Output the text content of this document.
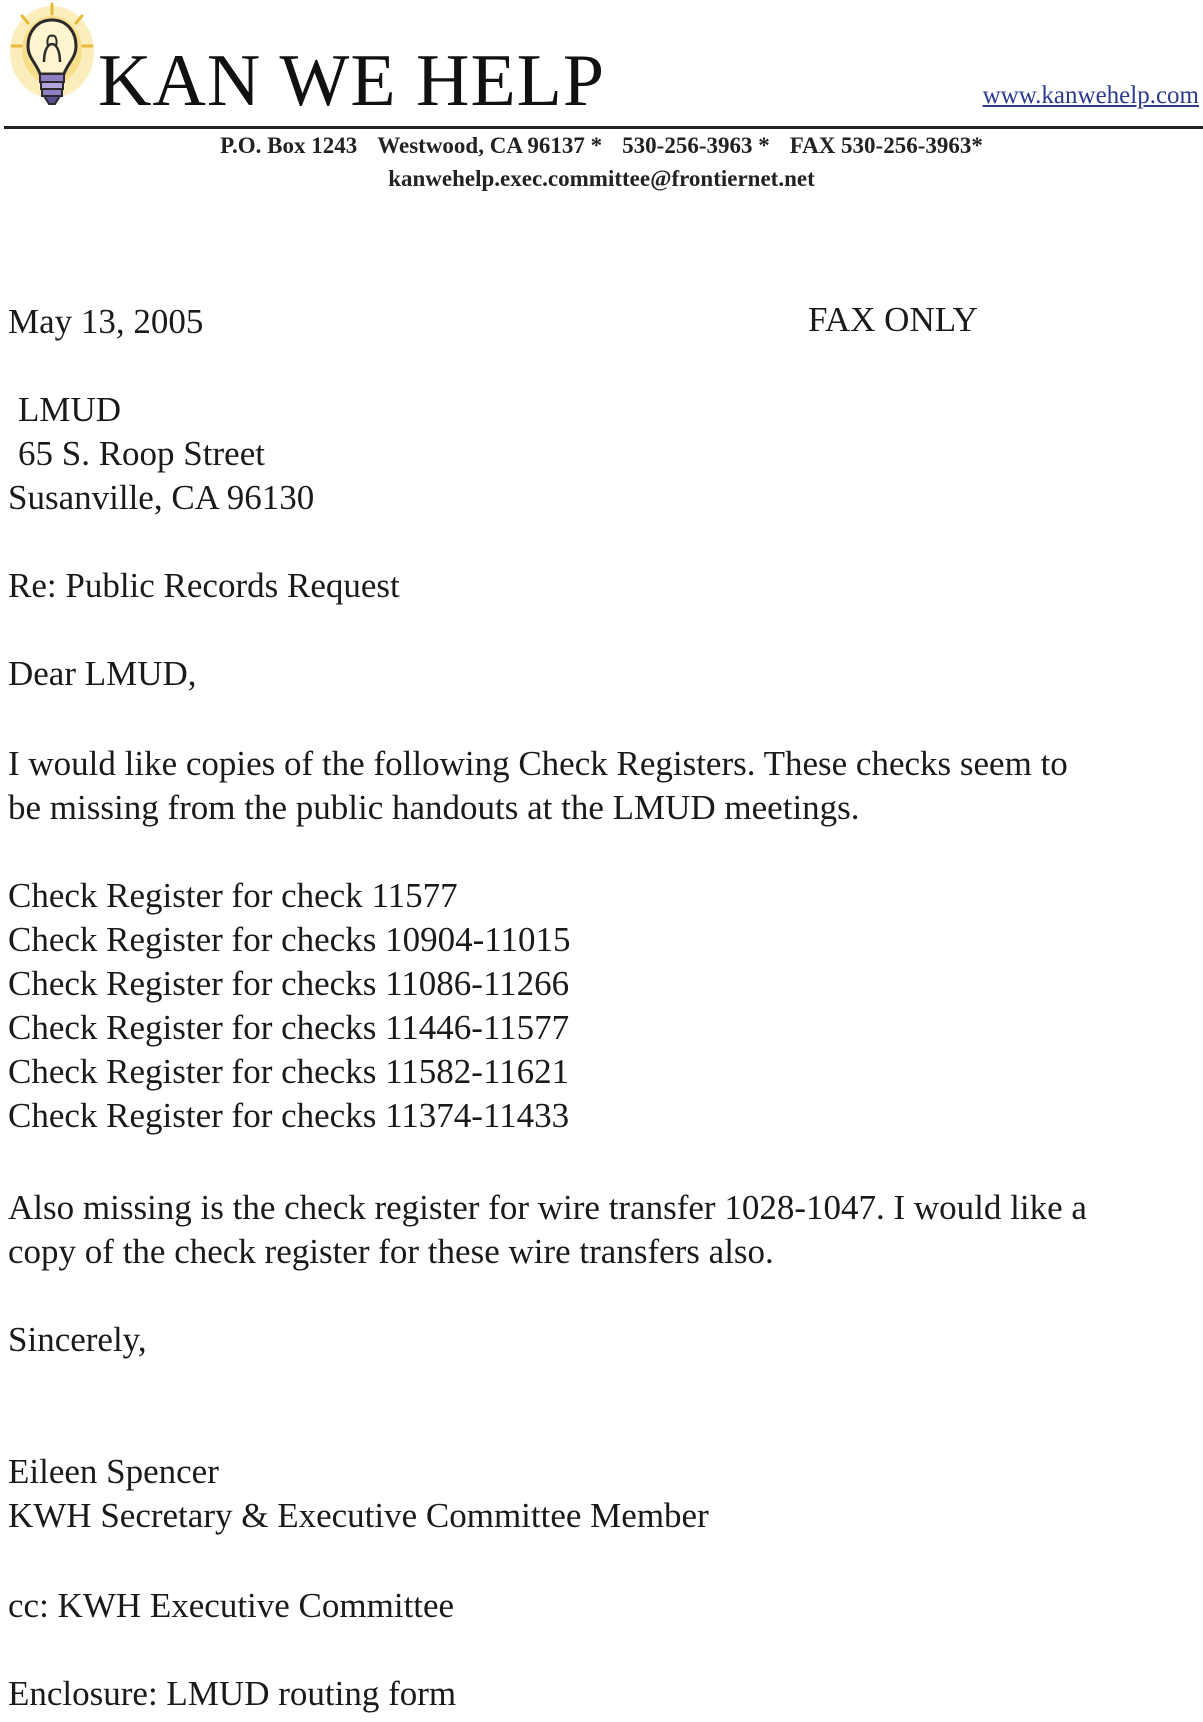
KAN WE HELP	www.kanwehelp.com
P.O. Box 1243 Westwood, CA 96137 * 530-256-3963 * FAX 530-256-3963*
kanwehelp.exec.committee@frontiernet.net
May 13, 2005	FAX ONLY
LMUD
65 S. Roop Street
Susanville, CA 96130
Re: Public Records Request
Dear LMUD,
I would like copies of the following Check Registers. These checks seem to
be missing from the public handouts at the LMUD meetings.
Check Register for check 11577
Check Register for checks 10904-11015
Check Register for checks 11086-11266
Check Register for checks 11446-11577
Check Register for checks 11582-11621
Check Register for checks 11374-11433
Also missing is the check register for wire transfer 1028-1047. I would like a
copy of the check register for these wire transfers also.
Sincerely,
Eileen Spencer
KWH Secretary & Executive Committee Member
cc: KWH Executive Committee
Enclosure: LMUD routing form
